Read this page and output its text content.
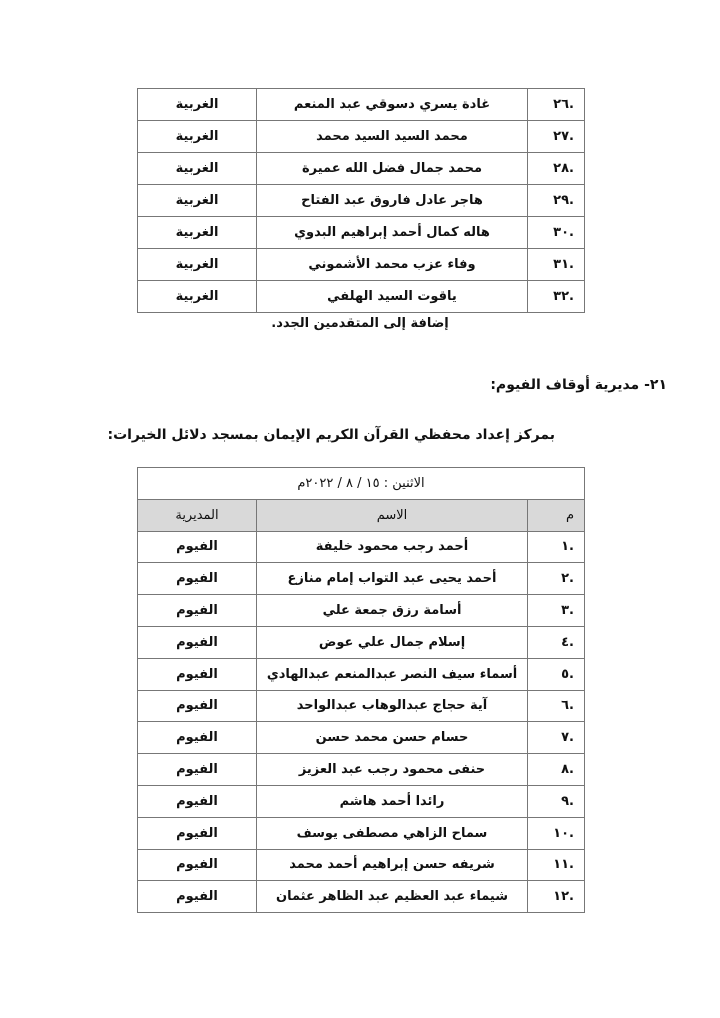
.٢٦	غادة يسري دسوقي عبد المنعم	الغربية
.٢٧	محمد السيد السيد محمد	الغربية
.٢٨	محمد جمال فضل الله عميرة	الغربية
.٢٩	هاجر عادل فاروق عبد الفتاح	الغربية
.٣٠	هاله كمال أحمد إبراهيم البدوي	الغربية
.٣١	وفاء عزب محمد الأشموني	الغربية
.٣٢	ياقوت السيد الهلفي	الغربية
إضافة إلى المتقدمين الجدد.
٢١- مديرية أوقاف الفيوم:
بمركز إعداد محفظي القرآن الكريم الإيمان بمسجد دلائل الخيرات:
الاثنين : ١٥ / ٨ / ٢٠٢٢م		
م	الاسم	المديرية
.١	أحمد رجب محمود خليفة	الفيوم
.٢	أحمد يحيى عبد التواب إمام منازع	الفيوم
.٣	أسامة رزق جمعة علي	الفيوم
.٤	إسلام جمال علي عوض	الفيوم
.٥	أسماء سيف النصر عبدالمنعم عبدالهادي	الفيوم
.٦	آية حجاج عبدالوهاب عبدالواحد	الفيوم
.٧	حسام حسن محمد حسن	الفيوم
.٨	حنفى محمود رجب عبد العزيز	الفيوم
.٩	رائدا أحمد هاشم	الفيوم
.١٠	سماح الزاهي مصطفى يوسف	الفيوم
.١١	شريفه حسن إبراهيم أحمد محمد	الفيوم
.١٢	شيماء عبد العظيم عبد الظاهر عثمان	الفيوم
